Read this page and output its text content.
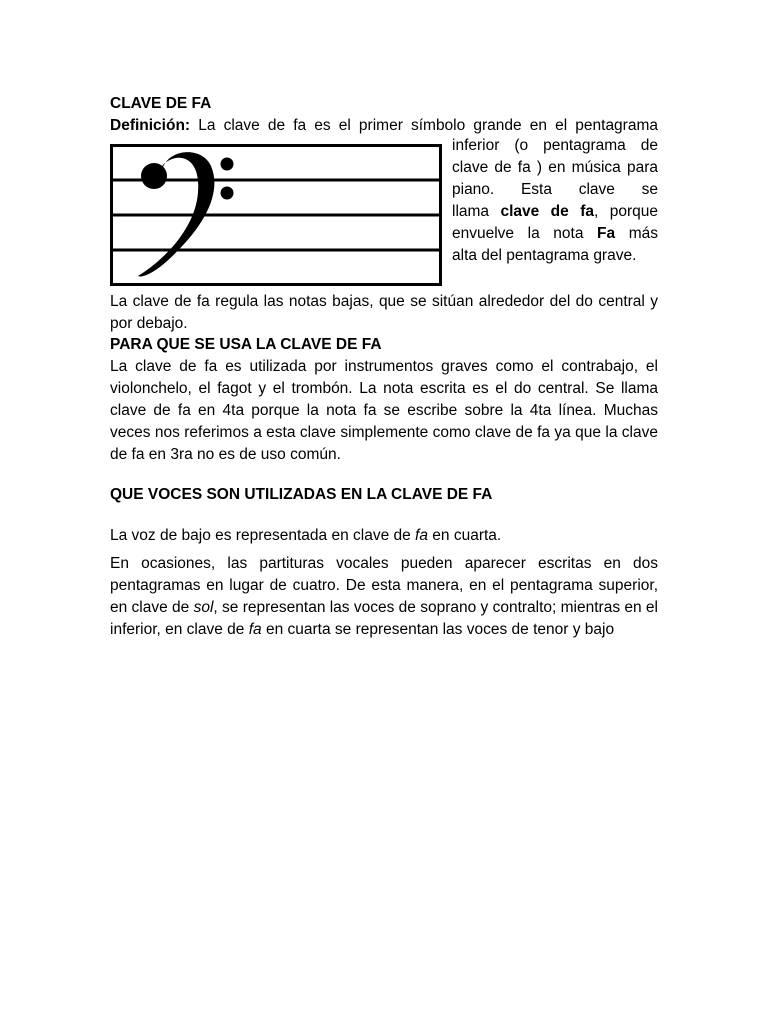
CLAVE DE FA
Definición: La clave de fa es el primer símbolo grande en el pentagrama
inferior (o pentagrama de
clave de fa ) en música para
piano. Esta clave se
llama clave de fa, porque
envuelve la nota Fa más
alta del pentagrama grave.
La clave de fa regula las notas bajas, que se sitúan alrededor del do central y por debajo.
PARA QUE SE USA LA CLAVE DE FA
La clave de fa es utilizada por instrumentos graves como el contrabajo, el violonchelo, el fagot y el trombón. La nota escrita es el do central. Se llama clave de fa en 4ta porque la nota fa se escribe sobre la 4ta línea. Muchas veces nos referimos a esta clave simplemente como clave de fa ya que la clave de fa en 3ra no es de uso común.
QUE VOCES SON UTILIZADAS EN LA CLAVE DE FA
La voz de bajo es representada en clave de fa en cuarta.
En ocasiones, las partituras vocales pueden aparecer escritas en dos pentagramas en lugar de cuatro. De esta manera, en el pentagrama superior, en clave de sol, se representan las voces de soprano y contralto; mientras en el inferior, en clave de fa en cuarta se representan las voces de tenor y bajo
